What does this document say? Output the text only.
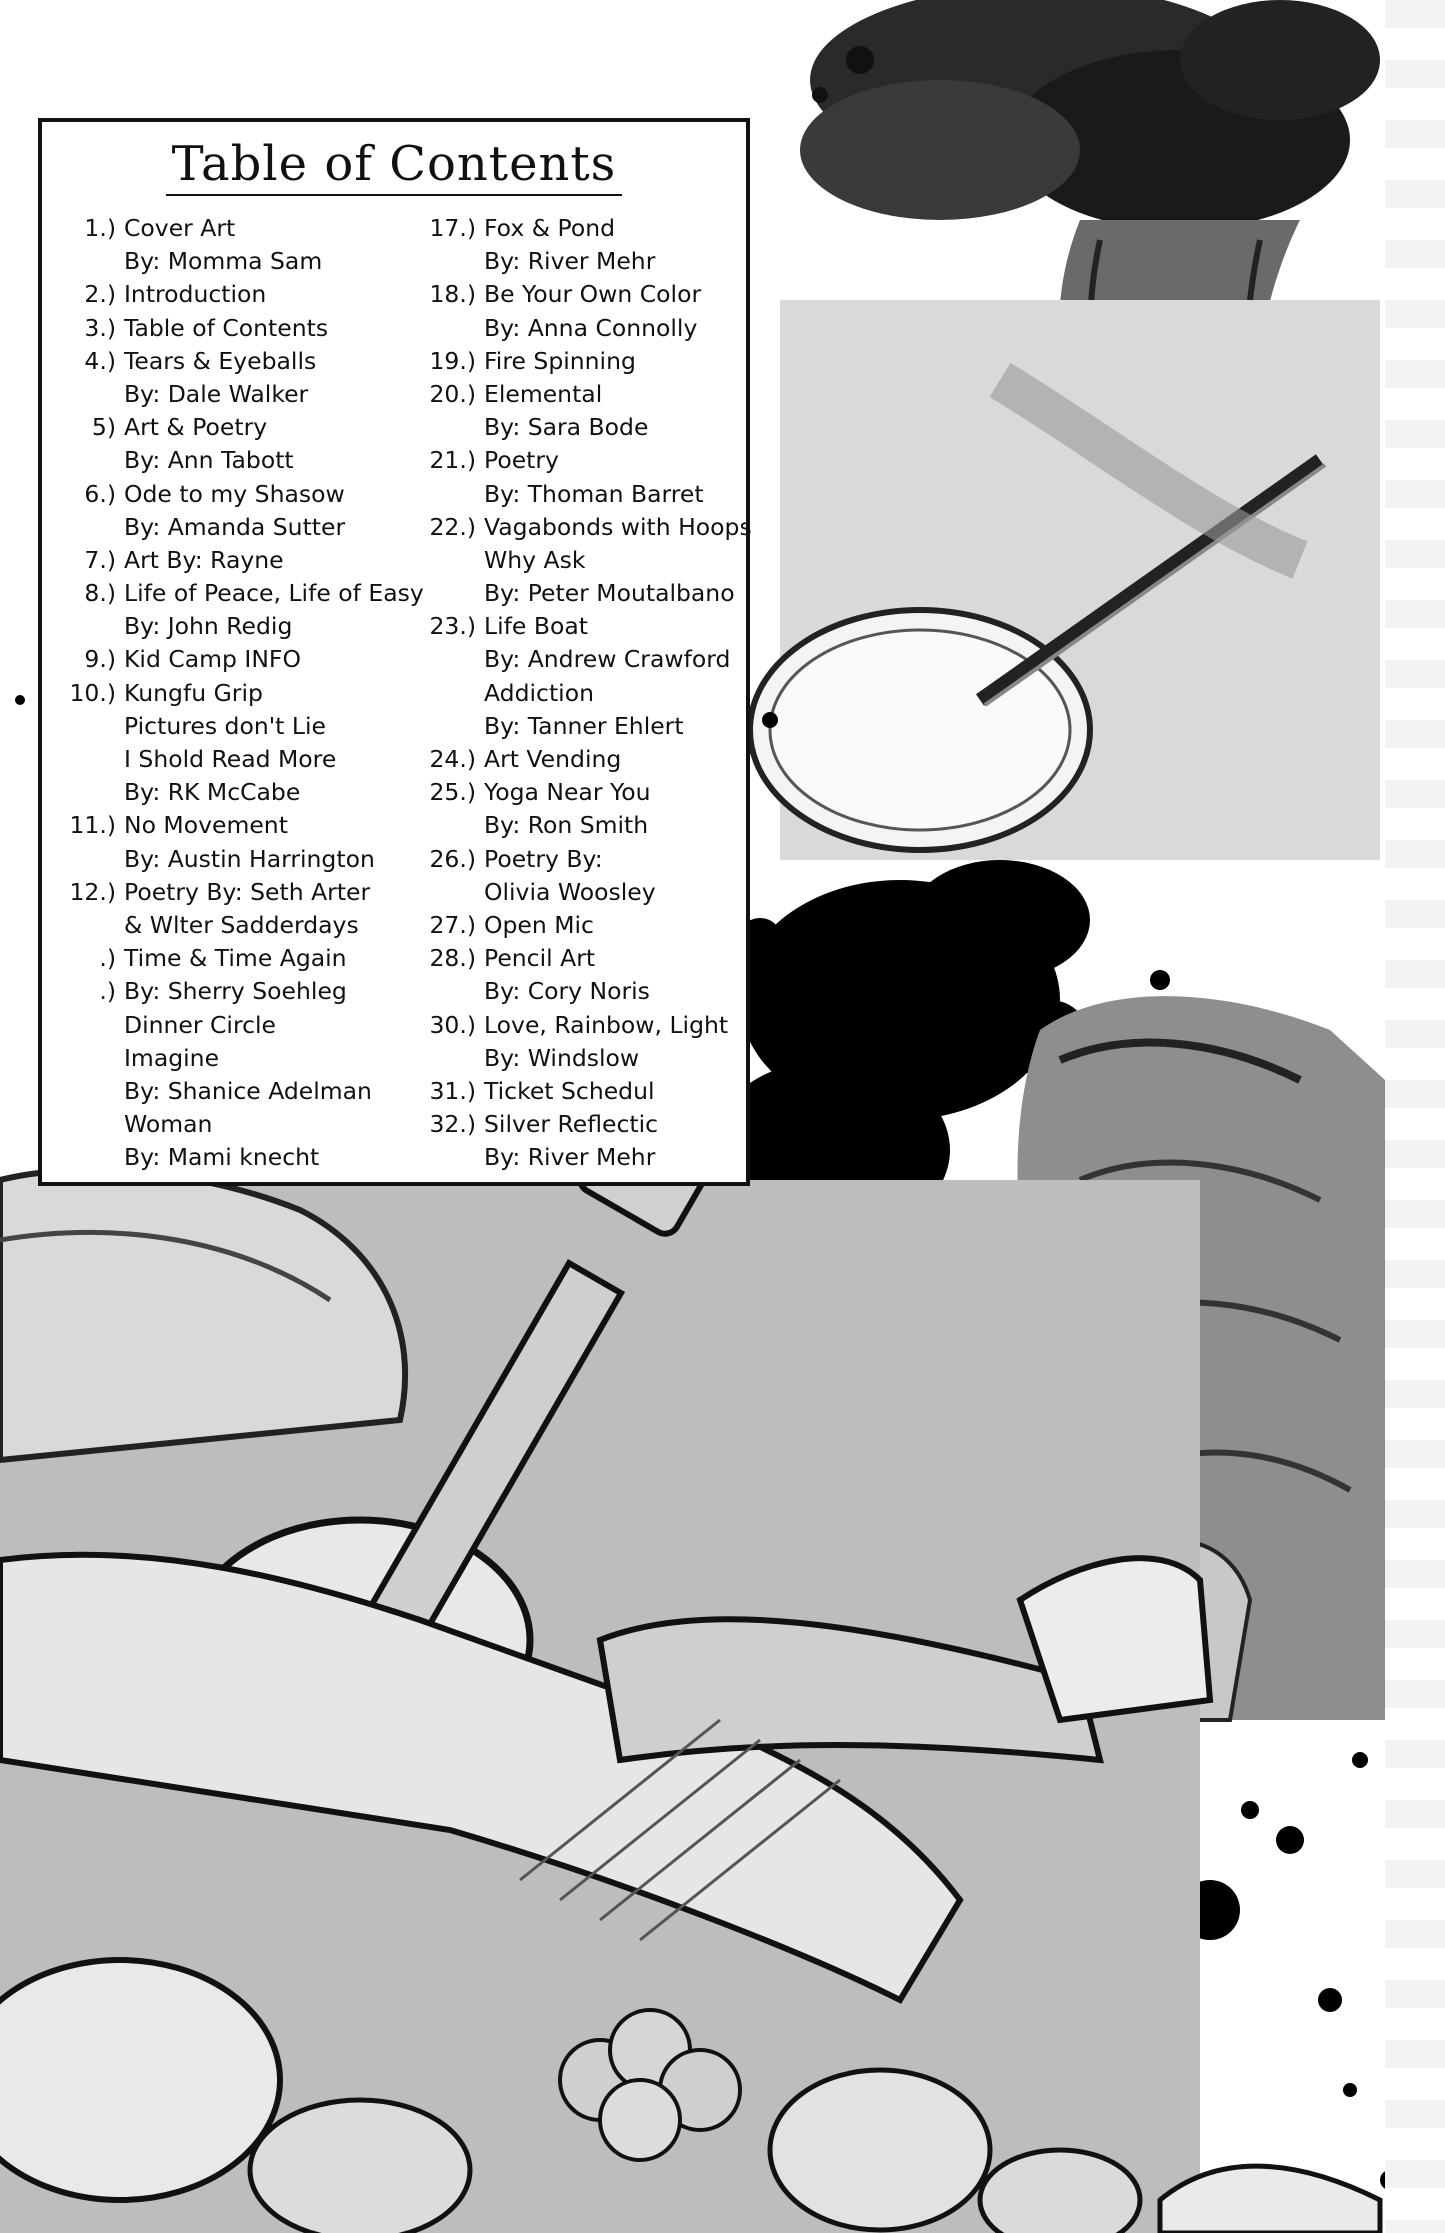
Table of Contents
1.) Cover Art
By: Momma Sam
2.) Introduction
3.) Table of Contents
4.) Tears & Eyeballs
By: Dale Walker
5) Art & Poetry
By: Ann Tabott
6.) Ode to my Shasow
By: Amanda Sutter
7.) Art By: Rayne
8.) Life of Peace, Life of Easy
By: John Redig
9.) Kid Camp INFO
10.) Kungfu Grip
Pictures don't Lie
I Shold Read More
By: RK McCabe
11.) No Movement
By: Austin Harrington
12.) Poetry By: Seth Arter
& Wlter Sadderdays
.) Time & Time Again
.) By: Sherry Soehleg
Dinner Circle
Imagine
By: Shanice Adelman
Woman
By: Mami knecht
17.) Fox & Pond
By: River Mehr
18.) Be Your Own Color
By: Anna Connolly
19.) Fire Spinning
20.) Elemental
By: Sara Bode
21.) Poetry
By: Thoman Barret
22.) Vagabonds with Hoops
Why Ask
By: Peter Moutalbano
23.) Life Boat
By: Andrew Crawford
Addiction
By: Tanner Ehlert
24.) Art Vending
25.) Yoga Near You
By: Ron Smith
26.) Poetry By:
Olivia Woosley
27.) Open Mic
28.) Pencil Art
By: Cory Noris
30.) Love, Rainbow, Light
By: Windslow
31.) Ticket Schedul
32.) Silver Reflectic
By: River Mehr
